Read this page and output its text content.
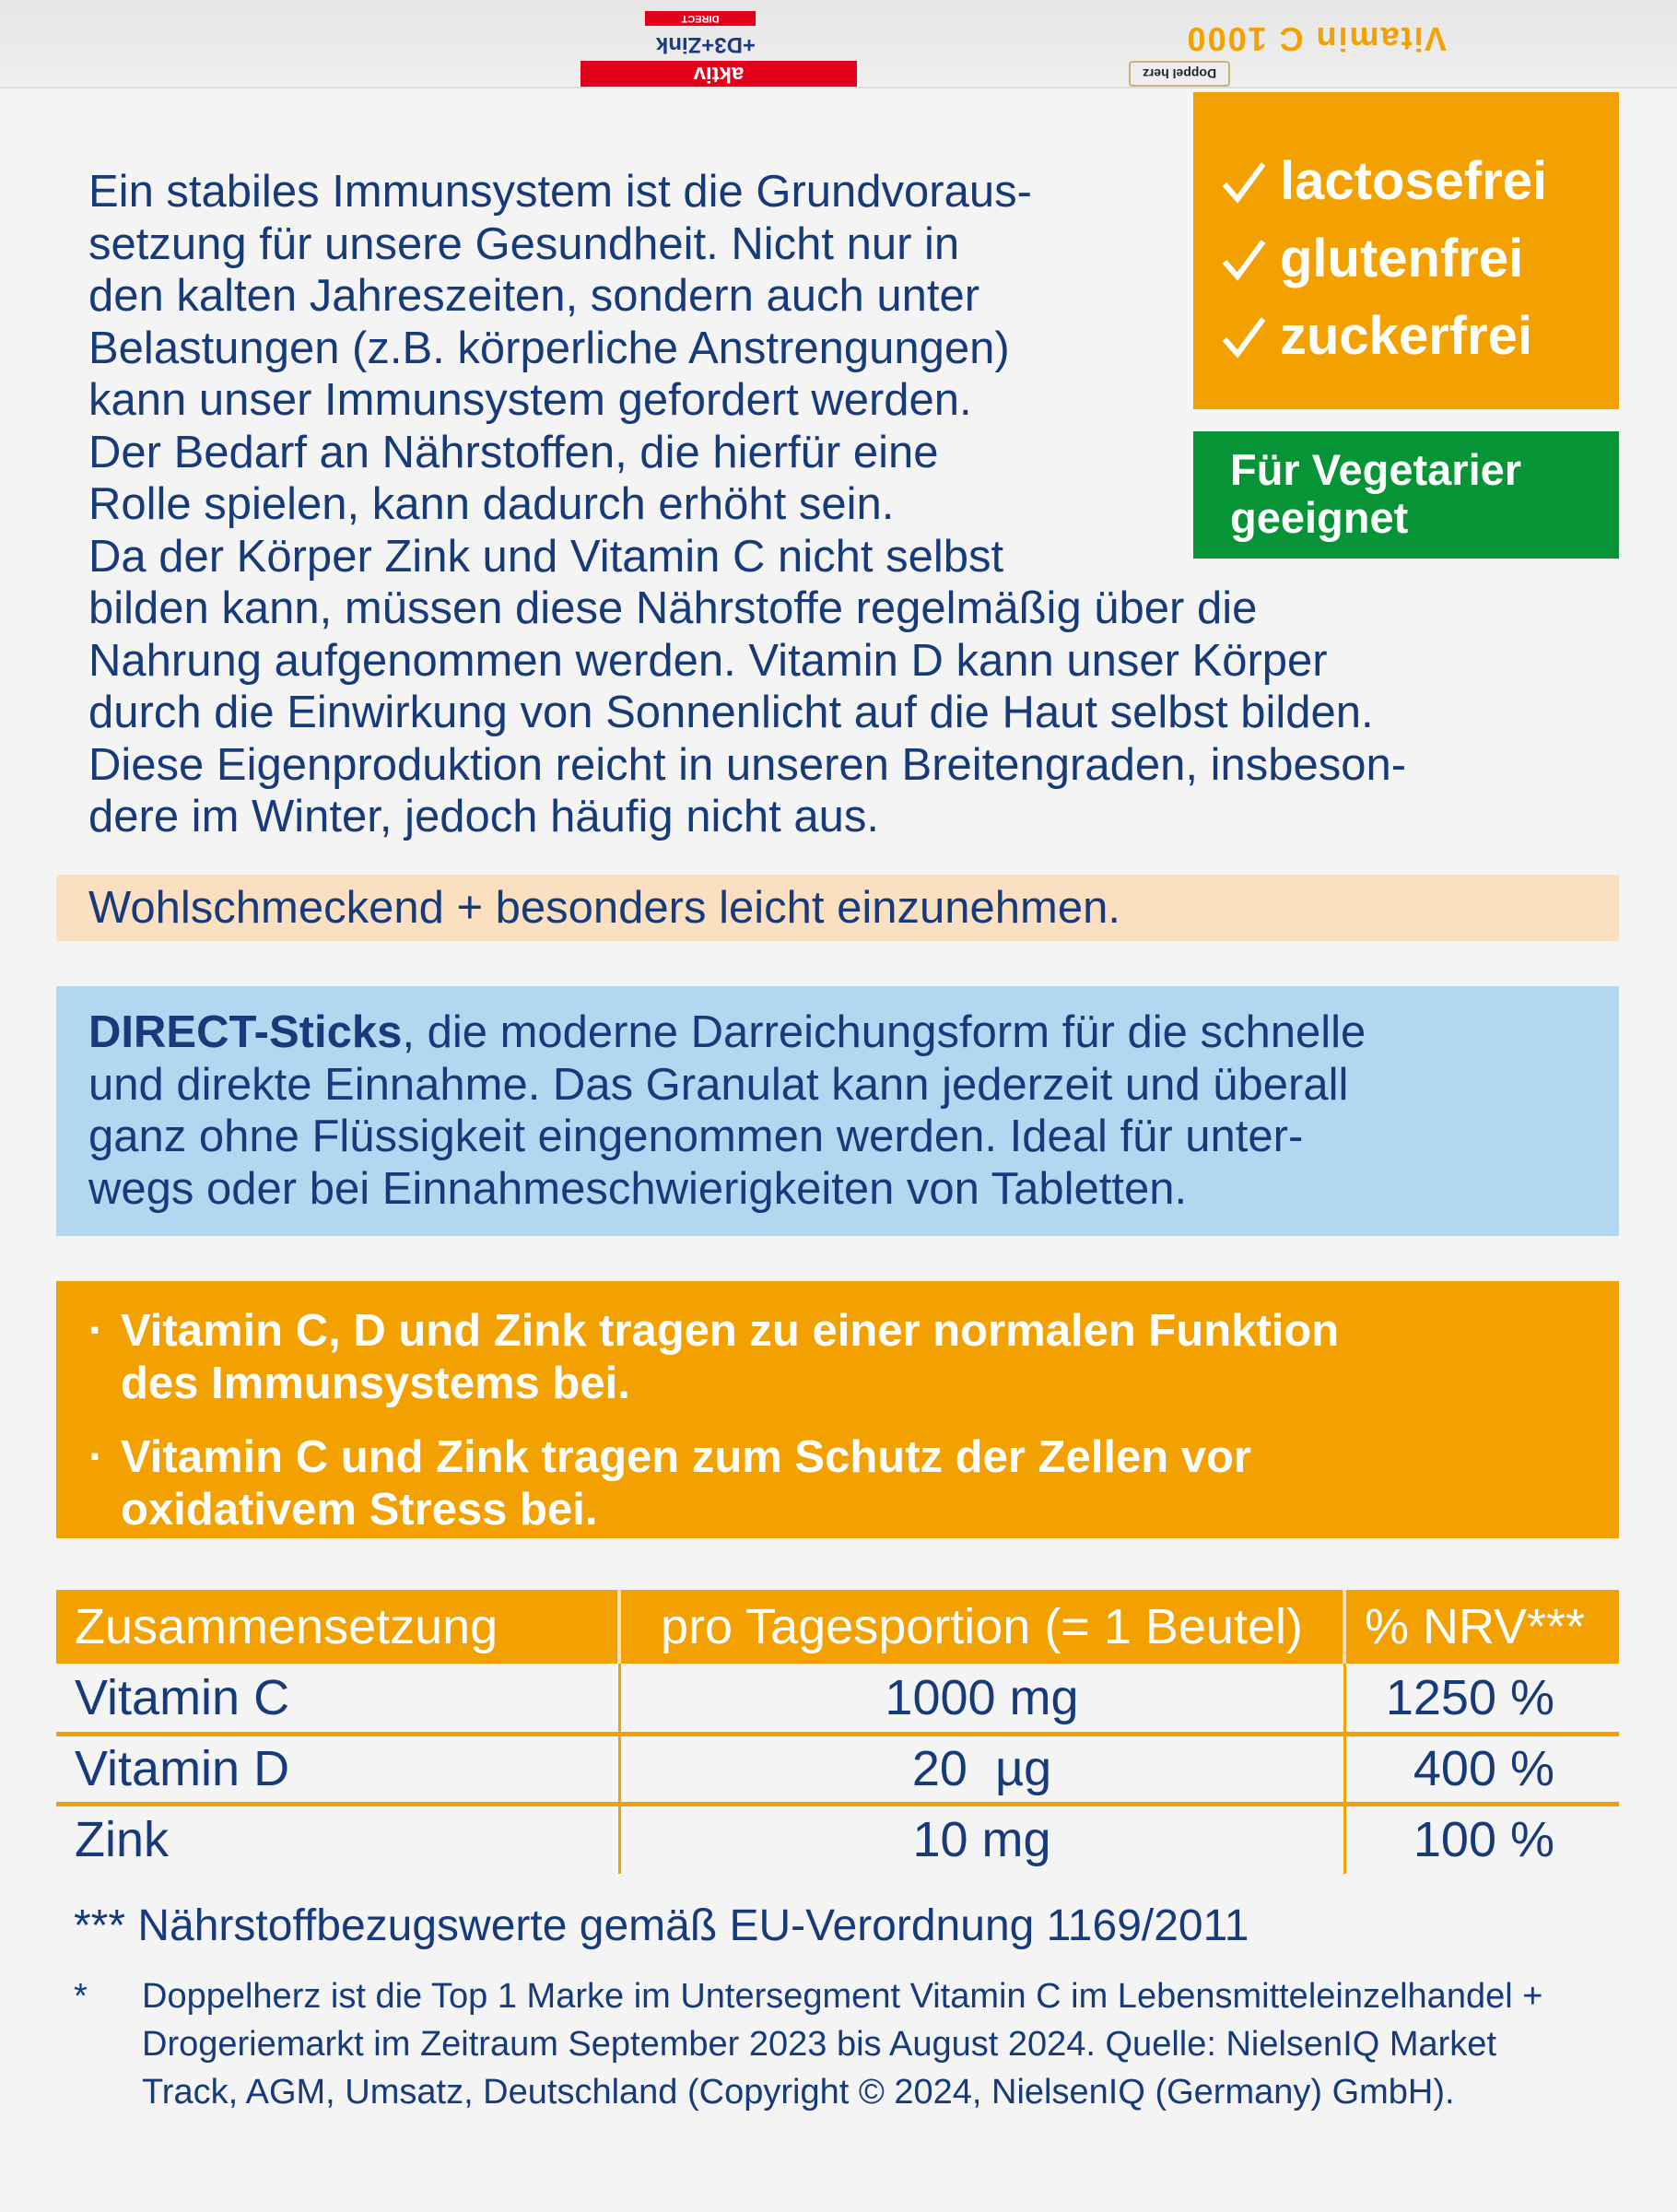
Doppel herz
aktiv
Vitamin C 1000
+D3+Zink
DIRECT
Ein stabiles Immunsystem ist die Grundvoraus-
setzung für unsere Gesundheit. Nicht nur in
den kalten Jahreszeiten, sondern auch unter
Belastungen (z.B. körperliche Anstrengungen)
kann unser Immunsystem gefordert werden.
Der Bedarf an Nährstoffen, die hierfür eine
Rolle spielen, kann dadurch erhöht sein.
Da der Körper Zink und Vitamin C nicht selbst
bilden kann, müssen diese Nährstoffe regelmäßig über die
Nahrung aufgenommen werden. Vitamin D kann unser Körper
durch die Einwirkung von Sonnenlicht auf die Haut selbst bilden.
Diese Eigenproduktion reicht in unseren Breitengraden, insbeson-
dere im Winter, jedoch häufig nicht aus.
lactosefrei
glutenfrei
zuckerfrei
Für Vegetarier
geeignet
Wohlschmeckend + besonders leicht einzunehmen.
DIRECT-Sticks, die moderne Darreichungsform für die schnelle
und direkte Einnahme. Das Granulat kann jederzeit und überall
ganz ohne Flüssigkeit eingenommen werden. Ideal für unter-
wegs oder bei Einnahmeschwierigkeiten von Tabletten.
· Vitamin C, D und Zink tragen zu einer normalen Funktion
des Immunsystems bei.
· Vitamin C und Zink tragen zum Schutz der Zellen vor
oxidativem Stress bei.
Zusammensetzung	pro Tagesportion (= 1 Beutel)	% NRV***
Vitamin C	1000 mg	1250 %
Vitamin D	20  µg	400 %
Zink	10 mg	100 %
*** Nährstoffbezugswerte gemäß EU-Verordnung 1169/2011
*	Doppelherz ist die Top 1 Marke im Untersegment Vitamin C im Lebensmitteleinzelhandel +
Drogeriemarkt im Zeitraum September 2023 bis August 2024. Quelle: NielsenIQ Market
Track, AGM, Umsatz, Deutschland (Copyright © 2024, NielsenIQ (Germany) GmbH).
